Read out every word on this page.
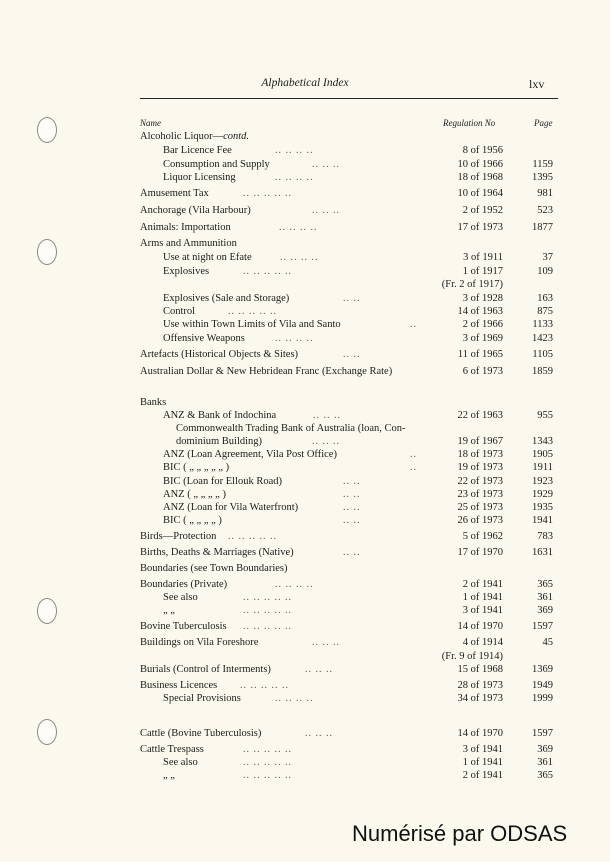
Alphabetical Index	lxv
Name	Regulation No	Page
Alcoholic Liquor—contd.
Bar Licence Fee	.. .. .. ..	8 of 1956
Consumption and Supply	.. .. ..	10 of 1966	1159
Liquor Licensing	.. .. .. ..	18 of 1968	1395
Amusement Tax	.. .. .. .. ..	10 of 1964	981
Anchorage (Vila Harbour)	.. .. ..	2 of 1952	523
Animals: Importation	.. .. .. ..	17 of 1973	1877
Arms and Ammunition
Use at night on Efate	.. .. .. ..	3 of 1911	37
Explosives	.. .. .. .. ..	1 of 1917	109
(Fr. 2 of 1917)
Explosives (Sale and Storage)	.. ..	3 of 1928	163
Control	.. .. .. .. ..	14 of 1963	875
Use within Town Limits of Vila and Santo	..	2 of 1966	1133
Offensive Weapons	.. .. .. ..	3 of 1969	1423
Artefacts (Historical Objects & Sites)	.. ..	11 of 1965	1105
Australian Dollar & New Hebridean Franc (Exchange Rate)	6 of 1973	1859
Banks
ANZ & Bank of Indochina	.. .. ..	22 of 1963	955
Commonwealth Trading Bank of Australia (loan, Con-
dominium Building)	.. .. ..	19 of 1967	1343
ANZ (Loan Agreement, Vila Post Office)	..	18 of 1973	1905
BIC ( „ „ „ „ „ )	..	19 of 1973	1911
BIC (Loan for Ellouk Road)	.. ..	22 of 1973	1923
ANZ ( „ „ „ „ )	.. ..	23 of 1973	1929
ANZ (Loan for Vila Waterfront)	.. ..	25 of 1973	1935
BIC ( „ „ „ „ )	.. ..	26 of 1973	1941
Birds—Protection .. .. .. .. ..	5 of 1962	783
Births, Deaths & Marriages (Native)	.. ..	17 of 1970	1631
Boundaries (see Town Boundaries)
Boundaries (Private)	.. .. .. ..	2 of 1941	365
See also	.. .. .. .. ..	1 of 1941	361
„ „	.. .. .. .. ..	3 of 1941	369
Bovine Tuberculosis .. .. .. .. ..	14 of 1970	1597
Buildings on Vila Foreshore	.. .. ..	4 of 1914	45
(Fr. 9 of 1914)
Burials (Control of Interments)	.. .. ..	15 of 1968	1369
Business Licences .. .. .. .. ..	28 of 1973	1949
Special Provisions	.. .. .. ..	34 of 1973	1999
Cattle (Bovine Tuberculosis)	.. .. ..	14 of 1970	1597
Cattle Trespass	.. .. .. .. ..	3 of 1941	369
See also	.. .. .. .. ..	1 of 1941	361
„ „	.. .. .. .. ..	2 of 1941	365
Numérisé par ODSAS
